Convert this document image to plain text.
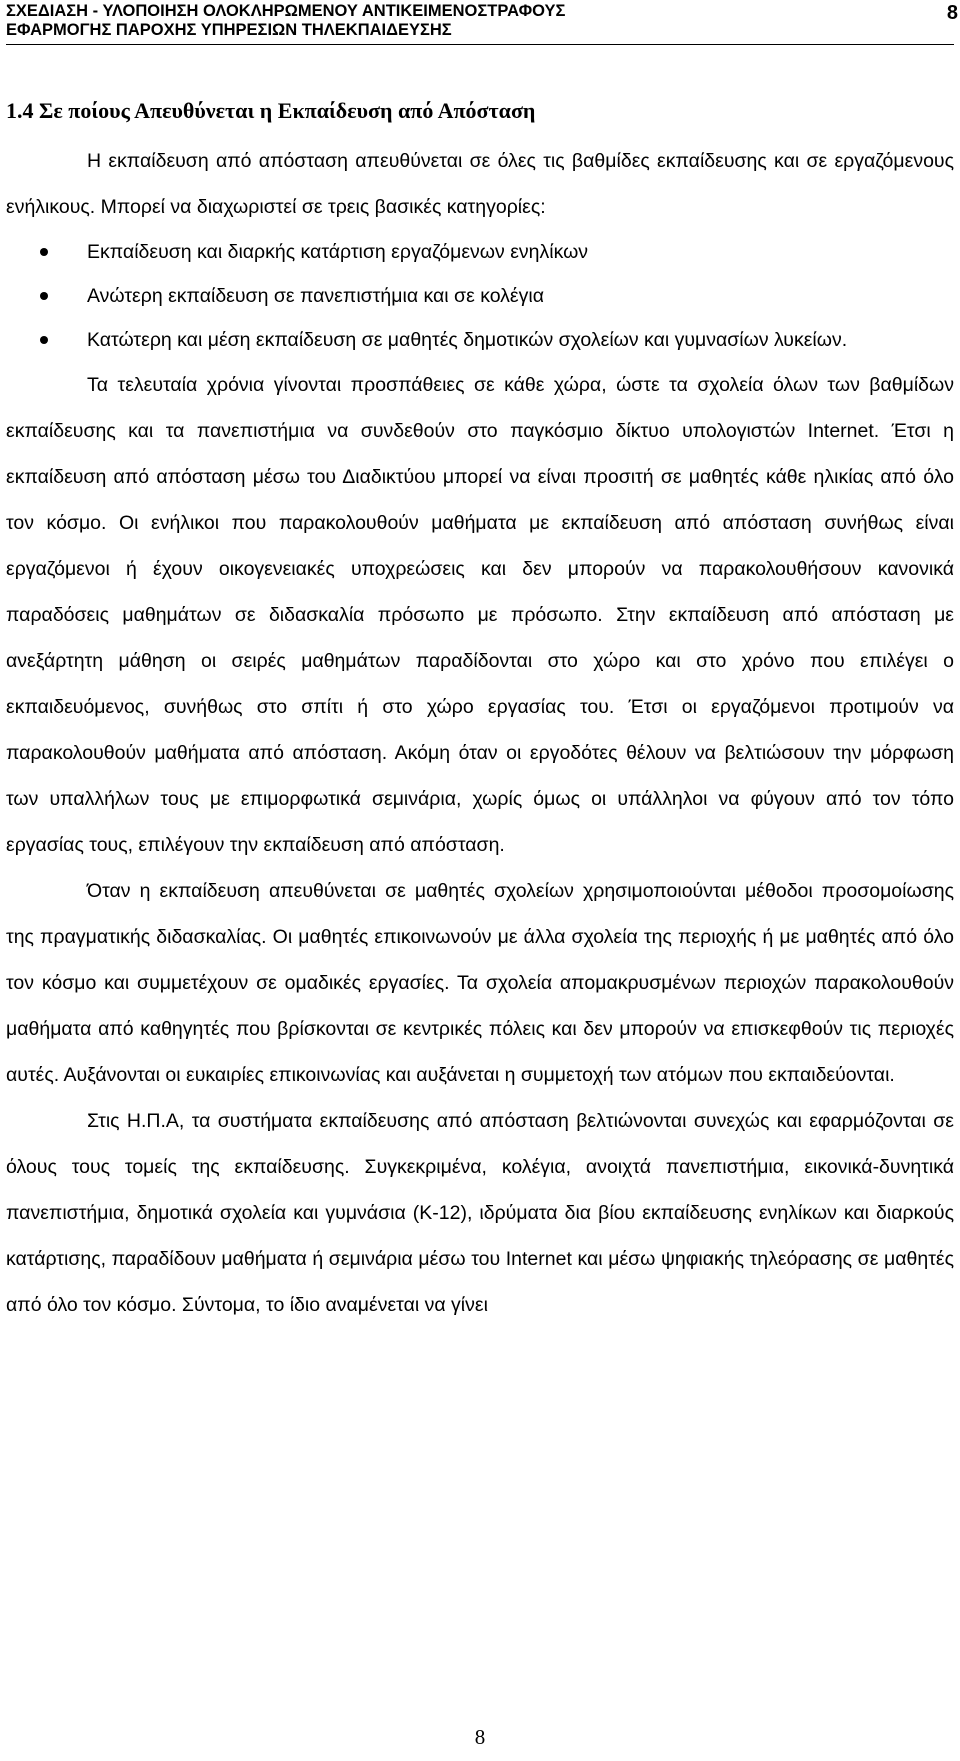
ΣΧΕΔΙΑΣΗ - ΥΛΟΠΟΙΗΣΗ ΟΛΟΚΛΗΡΩΜΕΝΟΥ ΑΝΤΙΚΕΙΜΕΝΟΣΤΡΑΦΟΥΣ
ΕΦΑΡΜΟΓΗΣ ΠΑΡΟΧΗΣ ΥΠΗΡΕΣΙΩΝ ΤΗΛΕΚΠΑΙΔΕΥΣΗΣ
8
1.4 Σε ποίους Απευθύνεται η Εκπαίδευση από Απόσταση

Η εκπαίδευση από απόσταση απευθύνεται σε όλες τις βαθμίδες εκπαίδευσης και σε εργαζόμενους ενήλικους. Μπορεί να διαχωριστεί σε τρεις βασικές κατηγορίες:

Εκπαίδευση και διαρκής κατάρτιση εργαζόμενων ενηλίκων
Ανώτερη εκπαίδευση σε πανεπιστήμια και σε κολέγια
Κατώτερη και μέση εκπαίδευση σε μαθητές δημοτικών σχολείων και γυμνασίων λυκείων.

Τα τελευταία χρόνια γίνονται προσπάθειες σε κάθε χώρα, ώστε τα σχολεία όλων των βαθμίδων εκπαίδευσης και τα πανεπιστήμια να συνδεθούν στο παγκόσμιο δίκτυο υπολογιστών Internet. Έτσι η εκπαίδευση από απόσταση μέσω του Διαδικτύου μπορεί να είναι προσιτή σε μαθητές κάθε ηλικίας από όλο τον κόσμο. Οι ενήλικοι που παρακολουθούν μαθήματα με εκπαίδευση από απόσταση συνήθως είναι εργαζόμενοι ή έχουν οικογενειακές υποχρεώσεις και δεν μπορούν να παρακολουθήσουν κανονικά παραδόσεις μαθημάτων σε διδασκαλία πρόσωπο με πρόσωπο. Στην εκπαίδευση από απόσταση με ανεξάρτητη μάθηση οι σειρές μαθημάτων παραδίδονται στο χώρο και στο χρόνο που επιλέγει ο εκπαιδευόμενος, συνήθως στο σπίτι ή στο χώρο εργασίας του. Έτσι οι εργαζόμενοι προτιμούν να παρακολουθούν μαθήματα από απόσταση. Ακόμη όταν οι εργοδότες θέλουν να βελτιώσουν την μόρφωση των υπαλλήλων τους με επιμορφωτικά σεμινάρια, χωρίς όμως οι υπάλληλοι να φύγουν από τον τόπο εργασίας τους, επιλέγουν την εκπαίδευση από απόσταση.

Όταν η εκπαίδευση απευθύνεται σε μαθητές σχολείων χρησιμοποιούνται μέθοδοι προσομοίωσης της πραγματικής διδασκαλίας. Οι μαθητές επικοινωνούν με άλλα σχολεία της περιοχής ή με μαθητές από όλο τον κόσμο και συμμετέχουν σε ομαδικές εργασίες. Τα σχολεία απομακρυσμένων περιοχών παρακολουθούν μαθήματα από καθηγητές που βρίσκονται σε κεντρικές πόλεις και δεν μπορούν να επισκεφθούν τις περιοχές αυτές. Αυξάνονται οι ευκαιρίες επικοινωνίας και αυξάνεται η συμμετοχή των ατόμων που εκπαιδεύονται.

Στις Η.Π.Α, τα συστήματα εκπαίδευσης από απόσταση βελτιώνονται συνεχώς και εφαρμόζονται σε όλους τους τομείς της εκπαίδευσης. Συγκεκριμένα, κολέγια, ανοιχτά πανεπιστήμια, εικονικά-δυνητικά πανεπιστήμια, δημοτικά σχολεία και γυμνάσια (Κ-12), ιδρύματα δια βίου εκπαίδευσης ενηλίκων και διαρκούς κατάρτισης, παραδίδουν μαθήματα ή σεμινάρια μέσω του Internet και μέσω ψηφιακής τηλεόρασης σε μαθητές από όλο τον κόσμο. Σύντομα, το ίδιο αναμένεται να γίνει

8
